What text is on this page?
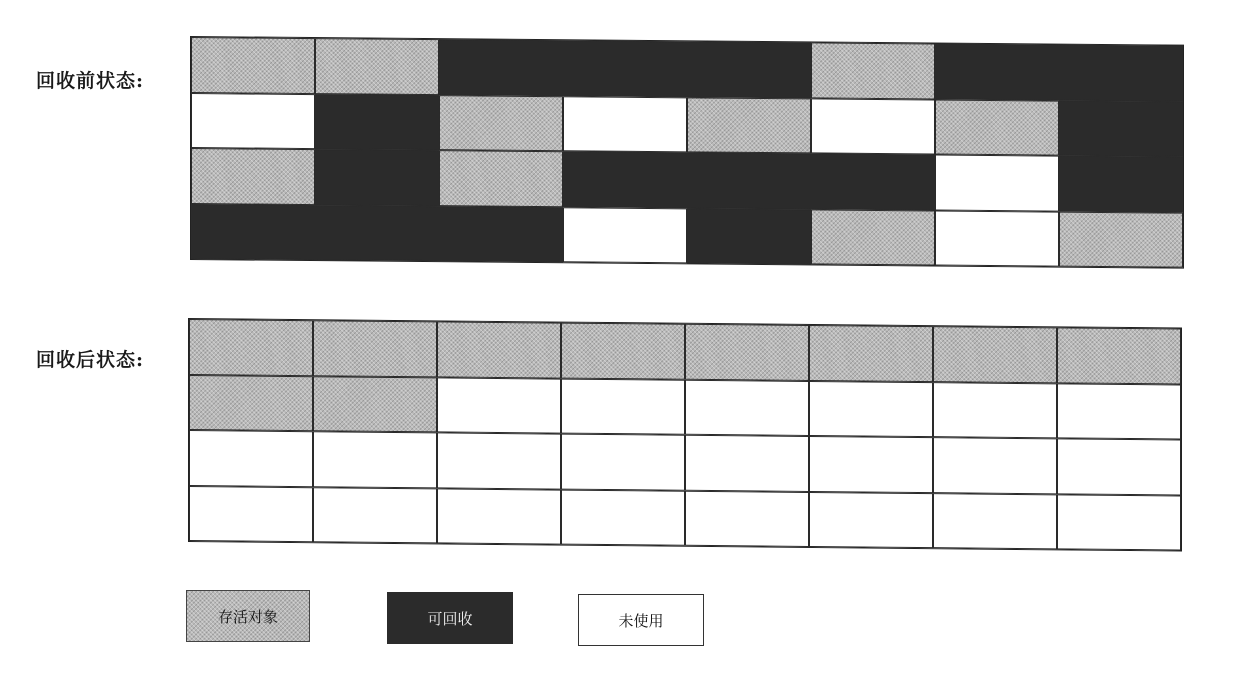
回收前状态:
回收后状态:
存活对象	可回收	未使用
